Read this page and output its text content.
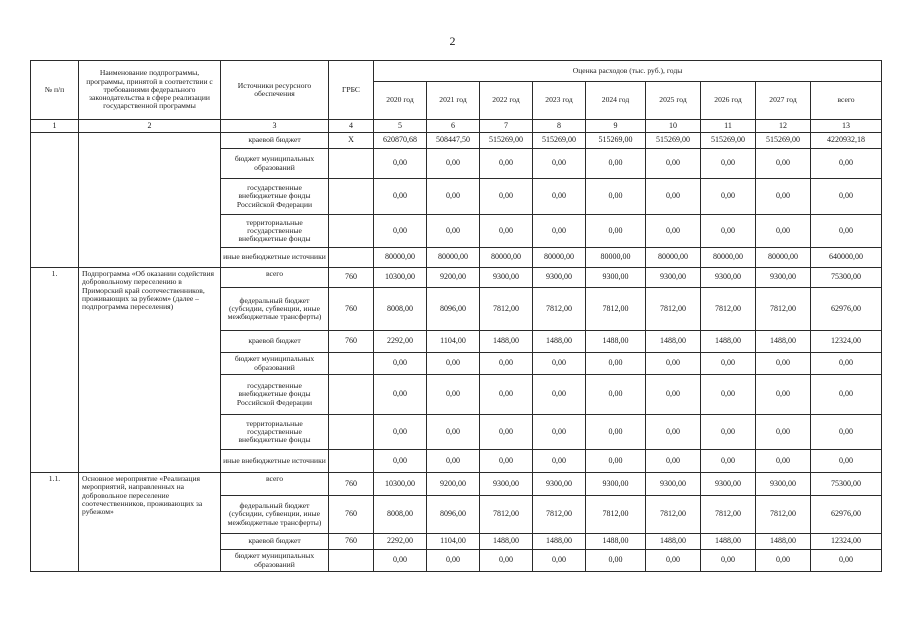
2
№ п/п	Наименование подпрограммы, программы, принятой в соответствии с требованиями федерального законодательства в сфере реализации государственной программы	Источники ресурсного обеспечения	ГРБС	Оценка расходов (тыс. руб.), годы								
				2020 год	2021 год	2022 год	2023 год	2024 год	2025 год	2026 год	2027 год	всего
1	2	3	4	5	6	7	8	9	10	11	12	13
		краевой бюджет	Х	620870,68	508447,50	515269,00	515269,00	515269,00	515269,00	515269,00	515269,00	4220932,18
		бюджет муниципальных образований		0,00	0,00	0,00	0,00	0,00	0,00	0,00	0,00	0,00
		государственные внебюджетные фонды Российской Федерации		0,00	0,00	0,00	0,00	0,00	0,00	0,00	0,00	0,00
		территориальные государственные внебюджетные фонды		0,00	0,00	0,00	0,00	0,00	0,00	0,00	0,00	0,00
		иные внебюджетные источники		80000,00	80000,00	80000,00	80000,00	80000,00	80000,00	80000,00	80000,00	640000,00
1.	Подпрограмма «Об оказании содействия добровольному переселению в Приморский край соотечественников, проживающих за рубежом» (далее – подпрограмма переселения)	всего	760	10300,00	9200,00	9300,00	9300,00	9300,00	9300,00	9300,00	9300,00	75300,00
		федеральный бюджет (субсидии, субвенции, иные межбюджетные трансферты)	760	8008,00	8096,00	7812,00	7812,00	7812,00	7812,00	7812,00	7812,00	62976,00
		краевой бюджет	760	2292,00	1104,00	1488,00	1488,00	1488,00	1488,00	1488,00	1488,00	12324,00
		бюджет муниципальных образований		0,00	0,00	0,00	0,00	0,00	0,00	0,00	0,00	0,00
		государственные внебюджетные фонды Российской Федерации		0,00	0,00	0,00	0,00	0,00	0,00	0,00	0,00	0,00
		территориальные государственные внебюджетные фонды		0,00	0,00	0,00	0,00	0,00	0,00	0,00	0,00	0,00
		иные внебюджетные источники		0,00	0,00	0,00	0,00	0,00	0,00	0,00	0,00	0,00
1.1.	Основное мероприятие «Реализация мероприятий, направленных на добровольное переселение соотечественников, проживающих за рубежом»	всего	760	10300,00	9200,00	9300,00	9300,00	9300,00	9300,00	9300,00	9300,00	75300,00
		федеральный бюджет (субсидии, субвенции, иные межбюджетные трансферты)	760	8008,00	8096,00	7812,00	7812,00	7812,00	7812,00	7812,00	7812,00	62976,00
		краевой бюджет	760	2292,00	1104,00	1488,00	1488,00	1488,00	1488,00	1488,00	1488,00	12324,00
		бюджет муниципальных образований		0,00	0,00	0,00	0,00	0,00	0,00	0,00	0,00	0,00
